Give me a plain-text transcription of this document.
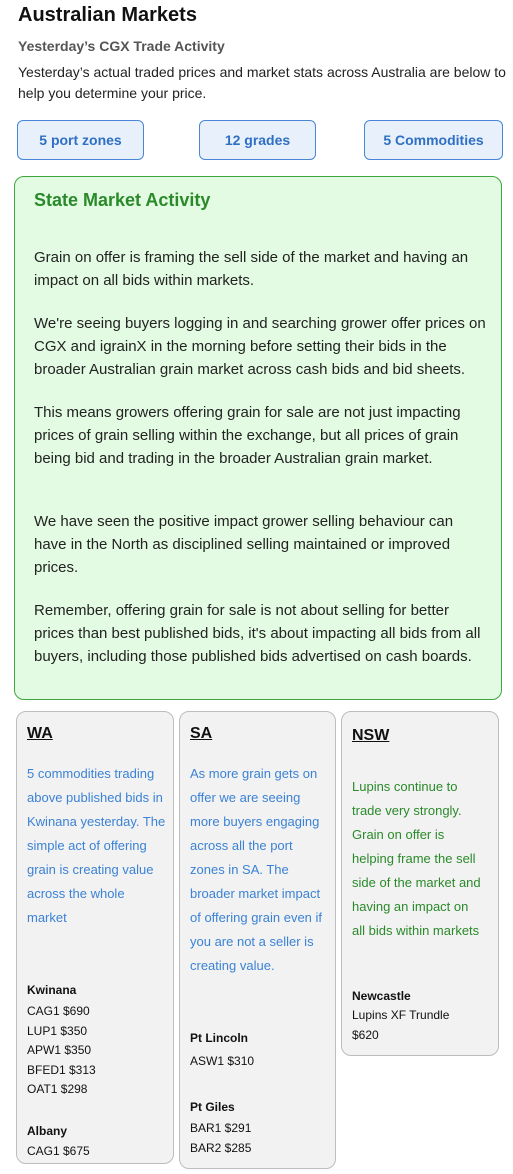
Australian Markets
Yesterday’s CGX Trade Activity
Yesterday’s actual traded prices and market stats across Australia are below to help you determine your price.
5 port zones	12 grades	5 Commodities
State Market Activity
Grain on offer is framing the sell side of the market and having an impact on all bids within markets.
We're seeing buyers logging in and searching grower offer prices on CGX and igrainX in the morning before setting their bids in the broader Australian grain market across cash bids and bid sheets.
This means growers offering grain for sale are not just impacting prices of grain selling within the exchange, but all prices of grain being bid and trading in the broader Australian grain market.
We have seen the positive impact grower selling behaviour can have in the North as disciplined selling maintained or improved prices.
Remember, offering grain for sale is not about selling for better prices than best published bids, it's about impacting all bids from all buyers, including those published bids advertised on cash boards.
WA
5 commodities trading above published bids in Kwinana yesterday. The simple act of offering grain is creating value across the whole market
Kwinana
CAG1 $690
LUP1 $350
APW1 $350
BFED1 $313
OAT1 $298
Albany
CAG1 $675
SA
As more grain gets on offer we are seeing more buyers engaging across all the port zones in SA. The broader market impact of offering grain even if you are not a seller is creating value.
Pt Lincoln
ASW1 $310
Pt Giles
BAR1 $291
BAR2 $285
NSW
Lupins continue to trade very strongly. Grain on offer is helping frame the sell side of the market and having an impact on all bids within markets
Newcastle
Lupins XF Trundle
$620
